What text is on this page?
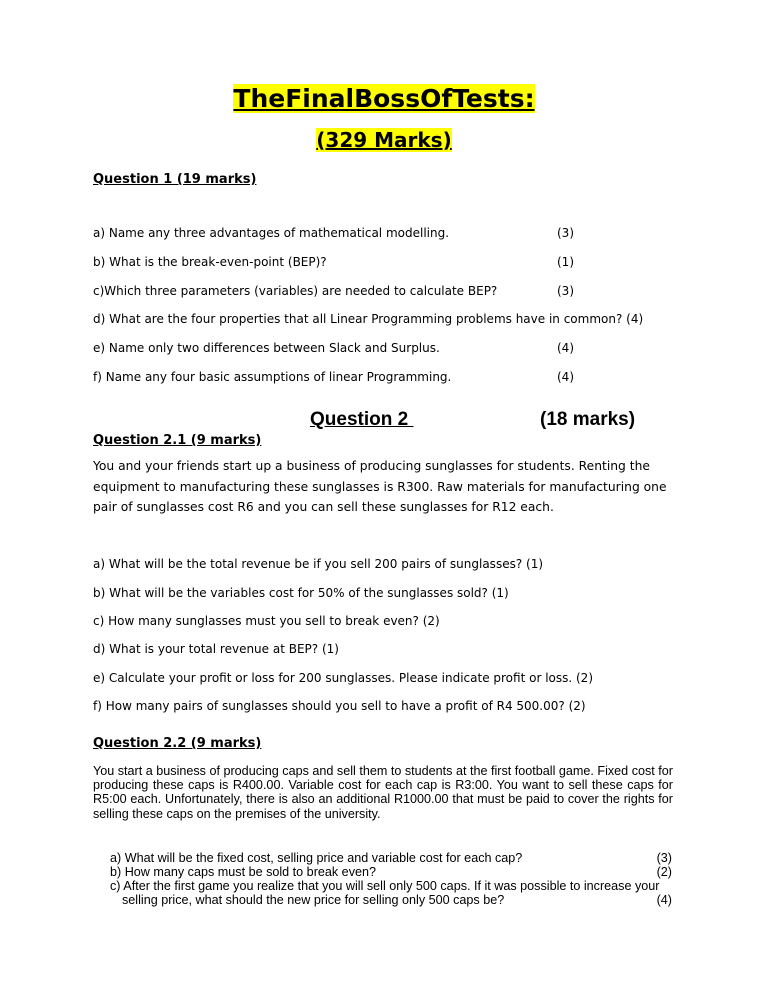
TheFinalBossOfTests:
(329 Marks)
Question 1 (19 marks)
a) Name any three advantages of mathematical modelling.	(3)
b) What is the break-even-point (BEP)?	(1)
c)Which three parameters (variables) are needed to calculate BEP?	(3)
d) What are the four properties that all Linear Programming problems have in common? (4)
e) Name only two differences between Slack and Surplus.	(4)
f) Name any four basic assumptions of linear Programming.	(4)
Question 2	(18 marks)
Question 2.1 (9 marks)
You and your friends start up a business of producing sunglasses for students. Renting the equipment to manufacturing these sunglasses is R300. Raw materials for manufacturing one pair of sunglasses cost R6 and you can sell these sunglasses for R12 each.
a) What will be the total revenue be if you sell 200 pairs of sunglasses? (1)
b) What will be the variables cost for 50% of the sunglasses sold? (1)
c) How many sunglasses must you sell to break even? (2)
d) What is your total revenue at BEP? (1)
e) Calculate your profit or loss for 200 sunglasses. Please indicate profit or loss. (2)
f) How many pairs of sunglasses should you sell to have a profit of R4 500.00? (2)
Question 2.2 (9 marks)
You start a business of producing caps and sell them to students at the first football game. Fixed cost for producing these caps is R400.00. Variable cost for each cap is R3:00. You want to sell these caps for R5:00 each. Unfortunately, there is also an additional R1000.00 that must be paid to cover the rights for selling these caps on the premises of the university.
a) What will be the fixed cost, selling price and variable cost for each cap?	(3)
b) How many caps must be sold to break even?	(2)
c) After the first game you realize that you will sell only 500 caps. If it was possible to increase your
selling price, what should the new price for selling only 500 caps be?	(4)
